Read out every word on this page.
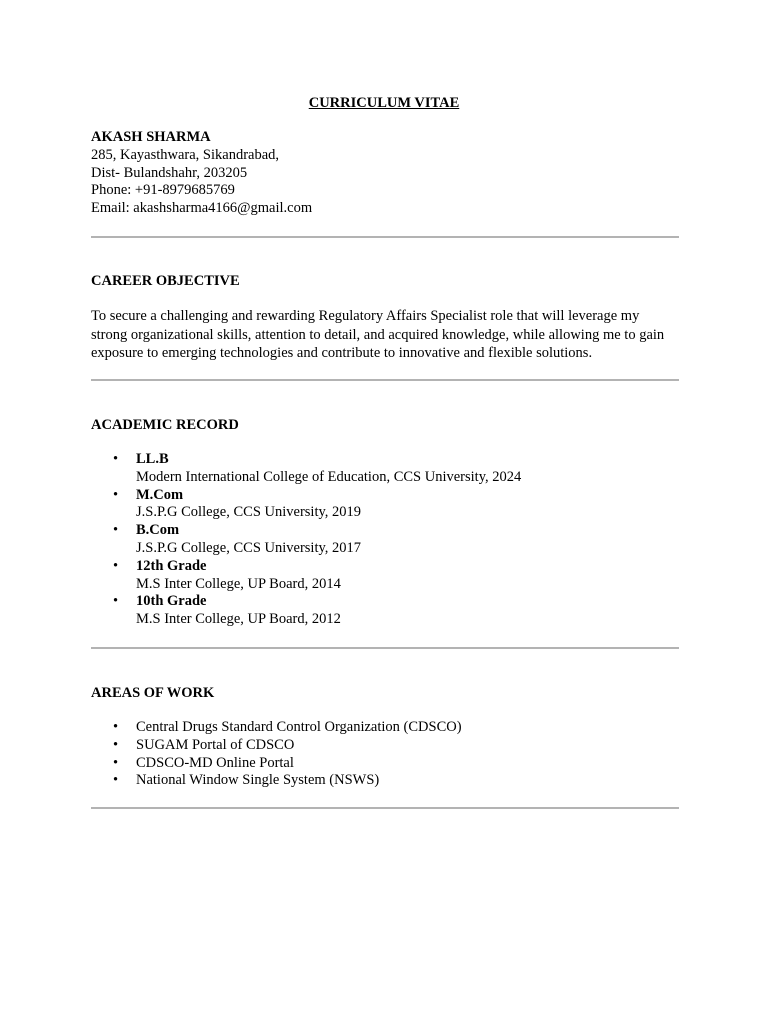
CURRICULUM VITAE
AKASH SHARMA
285, Kayasthwara, Sikandrabad,
Dist- Bulandshahr, 203205
Phone: +91-8979685769
Email: akashsharma4166@gmail.com
CAREER OBJECTIVE
To secure a challenging and rewarding Regulatory Affairs Specialist role that will leverage my strong organizational skills, attention to detail, and acquired knowledge, while allowing me to gain exposure to emerging technologies and contribute to innovative and flexible solutions.
ACADEMIC RECORD
• LL.B
Modern International College of Education, CCS University, 2024
• M.Com
J.S.P.G College, CCS University, 2019
• B.Com
J.S.P.G College, CCS University, 2017
• 12th Grade
M.S Inter College, UP Board, 2014
• 10th Grade
M.S Inter College, UP Board, 2012
AREAS OF WORK
• Central Drugs Standard Control Organization (CDSCO)
• SUGAM Portal of CDSCO
• CDSCO-MD Online Portal
• National Window Single System (NSWS)
